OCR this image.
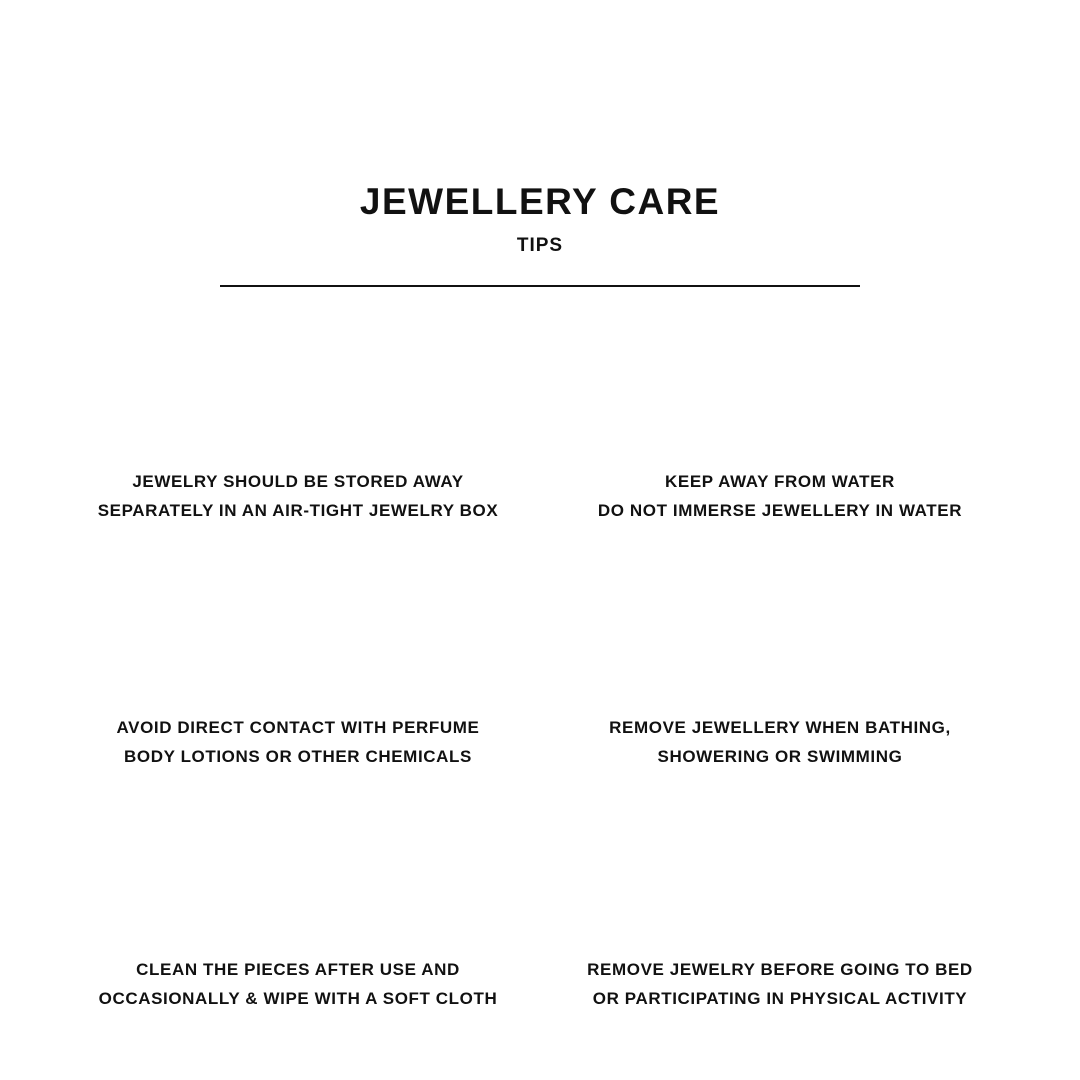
JEWELLERY CARE
TIPS
JEWELRY SHOULD BE STORED AWAY
SEPARATELY IN AN AIR-TIGHT JEWELRY BOX
KEEP AWAY FROM WATER
DO NOT IMMERSE JEWELLERY IN WATER
AVOID DIRECT CONTACT WITH PERFUME
BODY LOTIONS OR OTHER CHEMICALS
REMOVE JEWELLERY WHEN BATHING,
SHOWERING OR SWIMMING
CLEAN THE PIECES AFTER USE AND
OCCASIONALLY & WIPE WITH A SOFT CLOTH
REMOVE JEWELRY BEFORE GOING TO BED
OR PARTICIPATING IN PHYSICAL ACTIVITY
